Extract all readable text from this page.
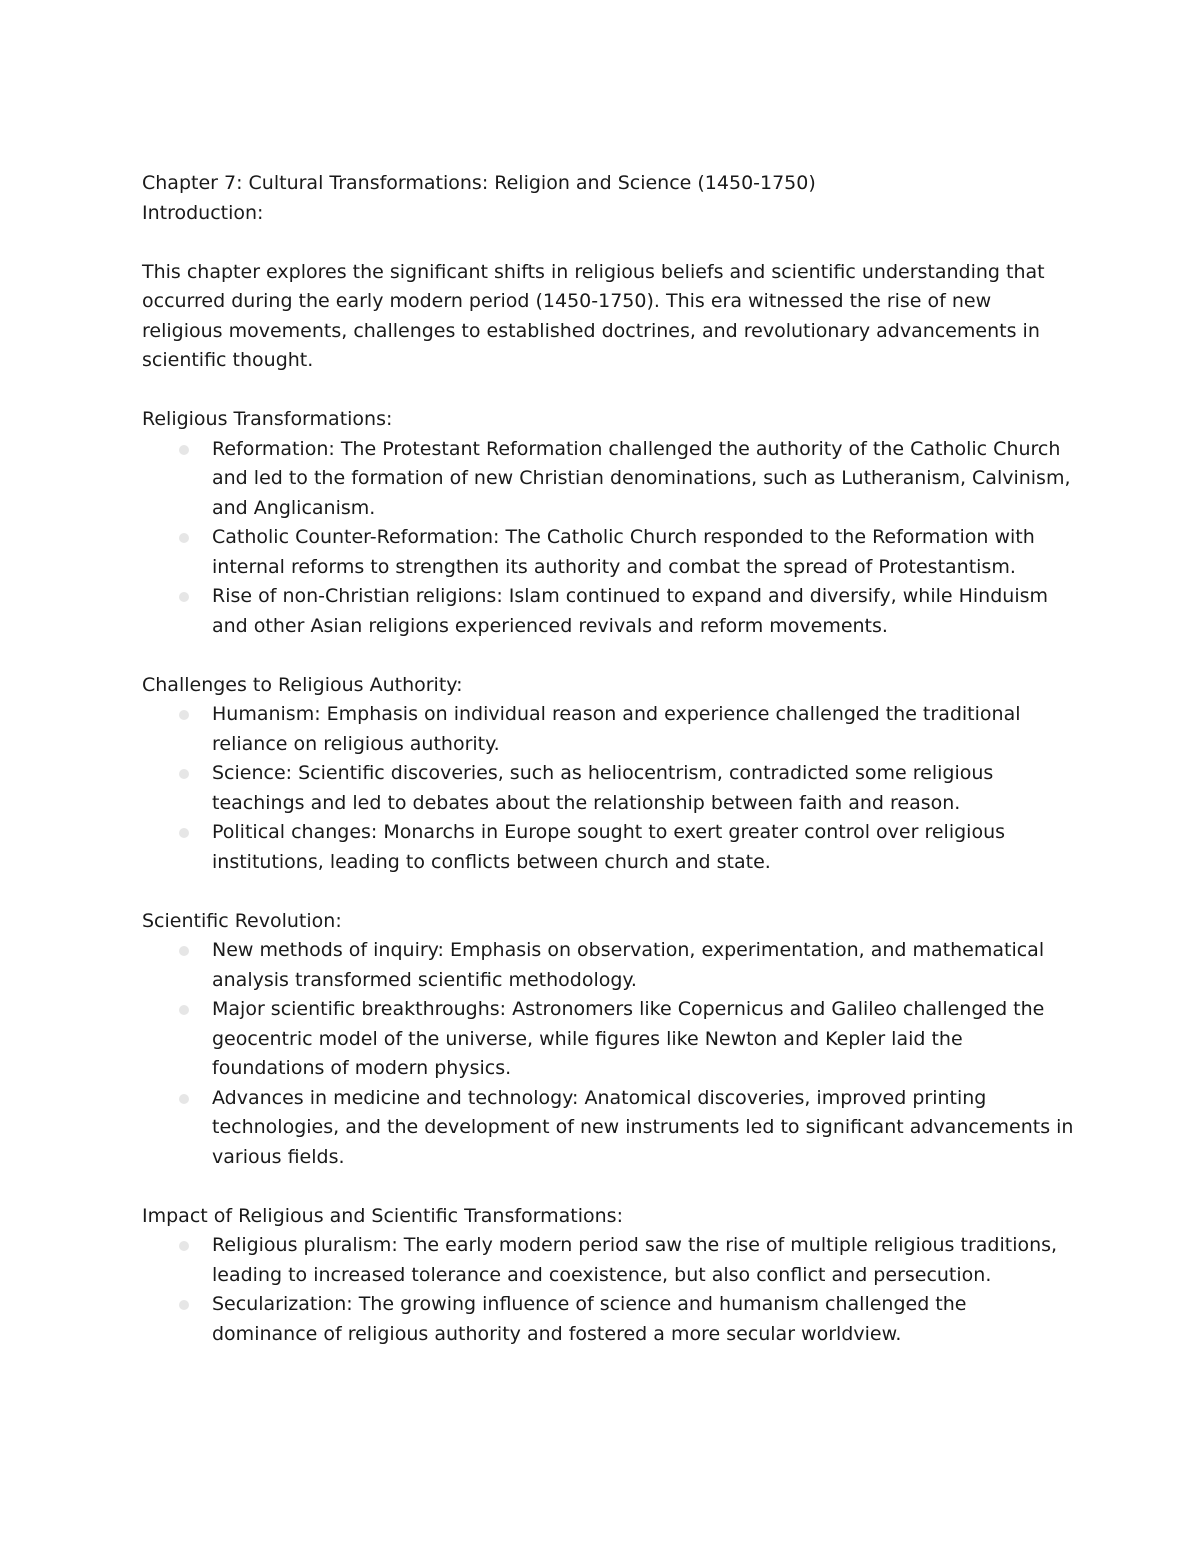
Chapter 7: Cultural Transformations: Religion and Science (1450-1750)

Introduction:

This chapter explores the significant shifts in religious beliefs and scientific understanding that occurred during the early modern period (1450-1750). This era witnessed the rise of new religious movements, challenges to established doctrines, and revolutionary advancements in scientific thought.

Religious Transformations:

Reformation: The Protestant Reformation challenged the authority of the Catholic Church and led to the formation of new Christian denominations, such as Lutheranism, Calvinism, and Anglicanism.
Catholic Counter-Reformation: The Catholic Church responded to the Reformation with internal reforms to strengthen its authority and combat the spread of Protestantism.
Rise of non-Christian religions: Islam continued to expand and diversify, while Hinduism and other Asian religions experienced revivals and reform movements.

Challenges to Religious Authority:

Humanism: Emphasis on individual reason and experience challenged the traditional reliance on religious authority.
Science: Scientific discoveries, such as heliocentrism, contradicted some religious teachings and led to debates about the relationship between faith and reason.
Political changes: Monarchs in Europe sought to exert greater control over religious institutions, leading to conflicts between church and state.

Scientific Revolution:

New methods of inquiry: Emphasis on observation, experimentation, and mathematical analysis transformed scientific methodology.
Major scientific breakthroughs: Astronomers like Copernicus and Galileo challenged the geocentric model of the universe, while figures like Newton and Kepler laid the foundations of modern physics.
Advances in medicine and technology: Anatomical discoveries, improved printing technologies, and the development of new instruments led to significant advancements in various fields.

Impact of Religious and Scientific Transformations:

Religious pluralism: The early modern period saw the rise of multiple religious traditions, leading to increased tolerance and coexistence, but also conflict and persecution.
Secularization: The growing influence of science and humanism challenged the dominance of religious authority and fostered a more secular worldview.
